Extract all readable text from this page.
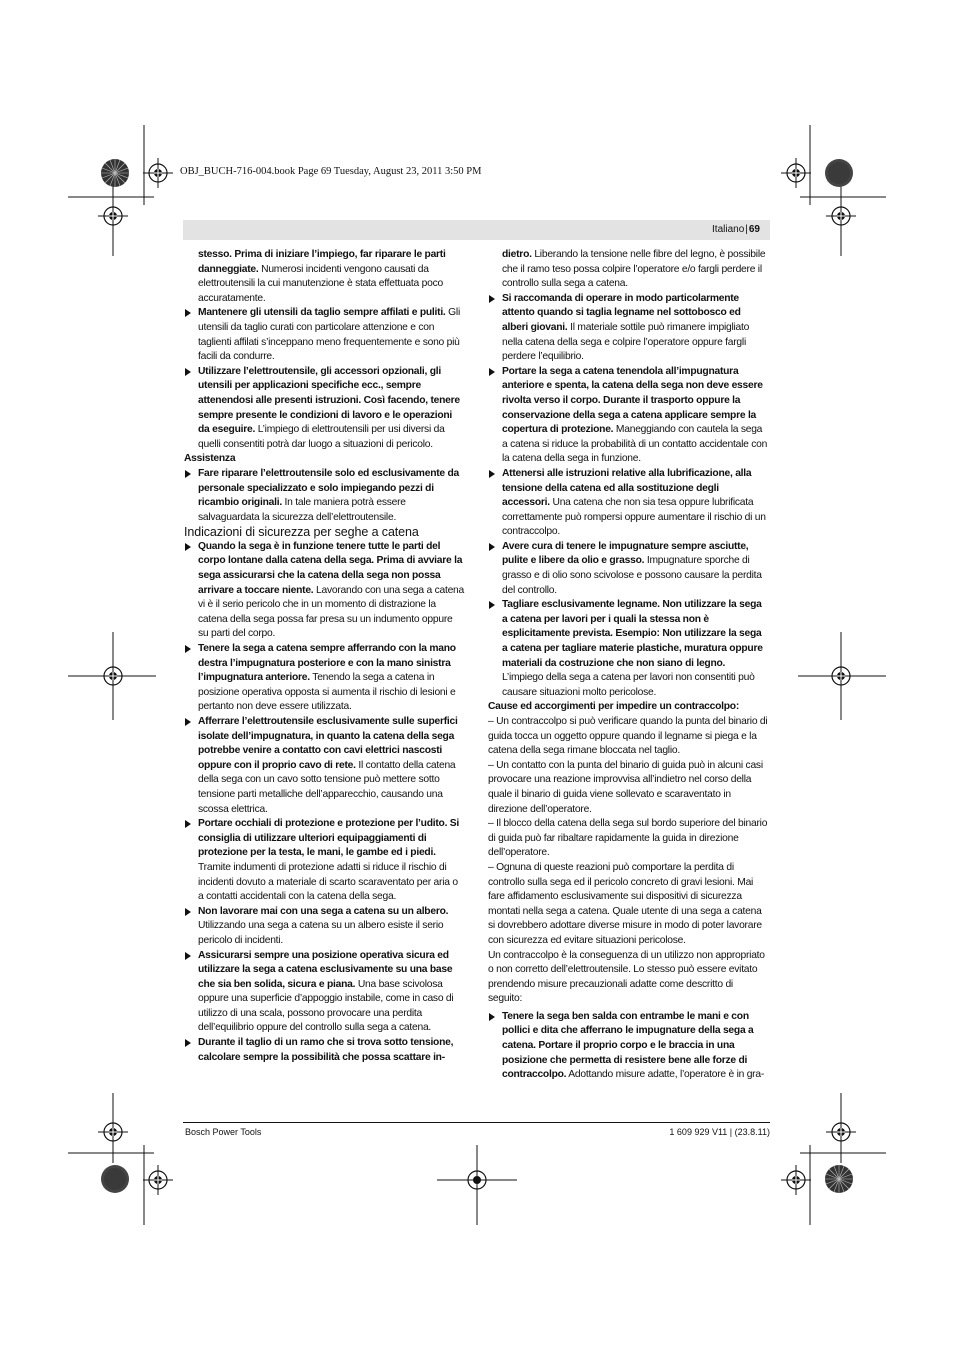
OBJ_BUCH-716-004.book Page 69 Tuesday, August 23, 2011 3:50 PM
Italiano|69

stesso. Prima di iniziare l’impiego, far riparare le parti danneggiate. Numerosi incidenti vengono causati da elettroutensili la cui manutenzione è stata effettuata poco accuratamente.

Mantenere gli utensili da taglio sempre affilati e puliti. Gli utensili da taglio curati con particolare attenzione e con taglienti affilati s’inceppano meno frequentemente e sono più facili da condurre.

Utilizzare l’elettroutensile, gli accessori opzionali, gli utensili per applicazioni specifiche ecc., sempre attenendosi alle presenti istruzioni. Così facendo, tenere sempre presente le condizioni di lavoro e le operazioni da eseguire. L’impiego di elettroutensili per usi diversi da quelli consentiti potrà dar luogo a situazioni di pericolo.

Assistenza

Fare riparare l’elettroutensile solo ed esclusivamente da personale specializzato e solo impiegando pezzi di ricambio originali. In tale maniera potrà essere salvaguardata la sicurezza dell’elettroutensile.

Indicazioni di sicurezza per seghe a catena

Quando la sega è in funzione tenere tutte le parti del corpo lontane dalla catena della sega. Prima di avviare la sega assicurarsi che la catena della sega non possa arrivare a toccare niente. Lavorando con una sega a catena vi è il serio pericolo che in un momento di distrazione la catena della sega possa far presa su un indumento oppure su parti del corpo.

Tenere la sega a catena sempre afferrando con la mano destra l’impugnatura posteriore e con la mano sinistra l’impugnatura anteriore. Tenendo la sega a catena in posizione operativa opposta si aumenta il rischio di lesioni e pertanto non deve essere utilizzata.

Afferrare l’elettroutensile esclusivamente sulle superfici isolate dell’impugnatura, in quanto la catena della sega potrebbe venire a contatto con cavi elettrici nascosti oppure con il proprio cavo di rete. Il contatto della catena della sega con un cavo sotto tensione può mettere sotto tensione parti metalliche dell’apparecchio, causando una scossa elettrica.

Portare occhiali di protezione e protezione per l’udito. Si consiglia di utilizzare ulteriori equipaggiamenti di protezione per la testa, le mani, le gambe ed i piedi. Tramite indumenti di protezione adatti si riduce il rischio di incidenti dovuto a materiale di scarto scaraventato per aria o a contatti accidentali con la catena della sega.

Non lavorare mai con una sega a catena su un albero. Utilizzando una sega a catena su un albero esiste il serio pericolo di incidenti.

Assicurarsi sempre una posizione operativa sicura ed utilizzare la sega a catena esclusivamente su una base che sia ben solida, sicura e piana. Una base scivolosa oppure una superficie d’appoggio instabile, come in caso di utilizzo di una scala, possono provocare una perdita dell’equilibrio oppure del controllo sulla sega a catena.

Durante il taglio di un ramo che si trova sotto tensione, calcolare sempre la possibilità che possa scattare in-

dietro. Liberando la tensione nelle fibre del legno, è possibile che il ramo teso possa colpire l’operatore e/o fargli perdere il controllo sulla sega a catena.

Si raccomanda di operare in modo particolarmente attento quando si taglia legname nel sottobosco ed alberi giovani. Il materiale sottile può rimanere impigliato nella catena della sega e colpire l’operatore oppure fargli perdere l’equilibrio.

Portare la sega a catena tenendola all’impugnatura anteriore e spenta, la catena della sega non deve essere rivolta verso il corpo. Durante il trasporto oppure la conservazione della sega a catena applicare sempre la copertura di protezione. Maneggiando con cautela la sega a catena si riduce la probabilità di un contatto accidentale con la catena della sega in funzione.

Attenersi alle istruzioni relative alla lubrificazione, alla tensione della catena ed alla sostituzione degli accessori. Una catena che non sia tesa oppure lubrificata correttamente può rompersi oppure aumentare il rischio di un contraccolpo.

Avere cura di tenere le impugnature sempre asciutte, pulite e libere da olio e grasso. Impugnature sporche di grasso e di olio sono scivolose e possono causare la perdita del controllo.

Tagliare esclusivamente legname. Non utilizzare la sega a catena per lavori per i quali la stessa non è esplicitamente prevista. Esempio: Non utilizzare la sega a catena per tagliare materie plastiche, muratura oppure materiali da costruzione che non siano di legno. L’impiego della sega a catena per lavori non consentiti può causare situazioni molto pericolose.

Cause ed accorgimenti per impedire un contraccolpo:

– Un contraccolpo si può verificare quando la punta del binario di guida tocca un oggetto oppure quando il legname si piega e la catena della sega rimane bloccata nel taglio.

– Un contatto con la punta del binario di guida può in alcuni casi provocare una reazione improvvisa all’indietro nel corso della quale il binario di guida viene sollevato e scaraventato in direzione dell’operatore.

– Il blocco della catena della sega sul bordo superiore del binario di guida può far ribaltare rapidamente la guida in direzione dell’operatore.

– Ognuna di queste reazioni può comportare la perdita di controllo sulla sega ed il pericolo concreto di gravi lesioni. Mai fare affidamento esclusivamente sui dispositivi di sicurezza montati nella sega a catena. Quale utente di una sega a catena si dovrebbero adottare diverse misure in modo di poter lavorare con sicurezza ed evitare situazioni pericolose.

Un contraccolpo è la conseguenza di un utilizzo non appropriato o non corretto dell’elettroutensile. Lo stesso può essere evitato prendendo misure precauzionali adatte come descritto di seguito:

Tenere la sega ben salda con entrambe le mani e con pollici e dita che afferrano le impugnature della sega a catena. Portare il proprio corpo e le braccia in una posizione che permetta di resistere bene alle forze di contraccolpo. Adottando misure adatte, l’operatore è in gra-

Bosch Power Tools	1 609 929 V11 | (23.8.11)
